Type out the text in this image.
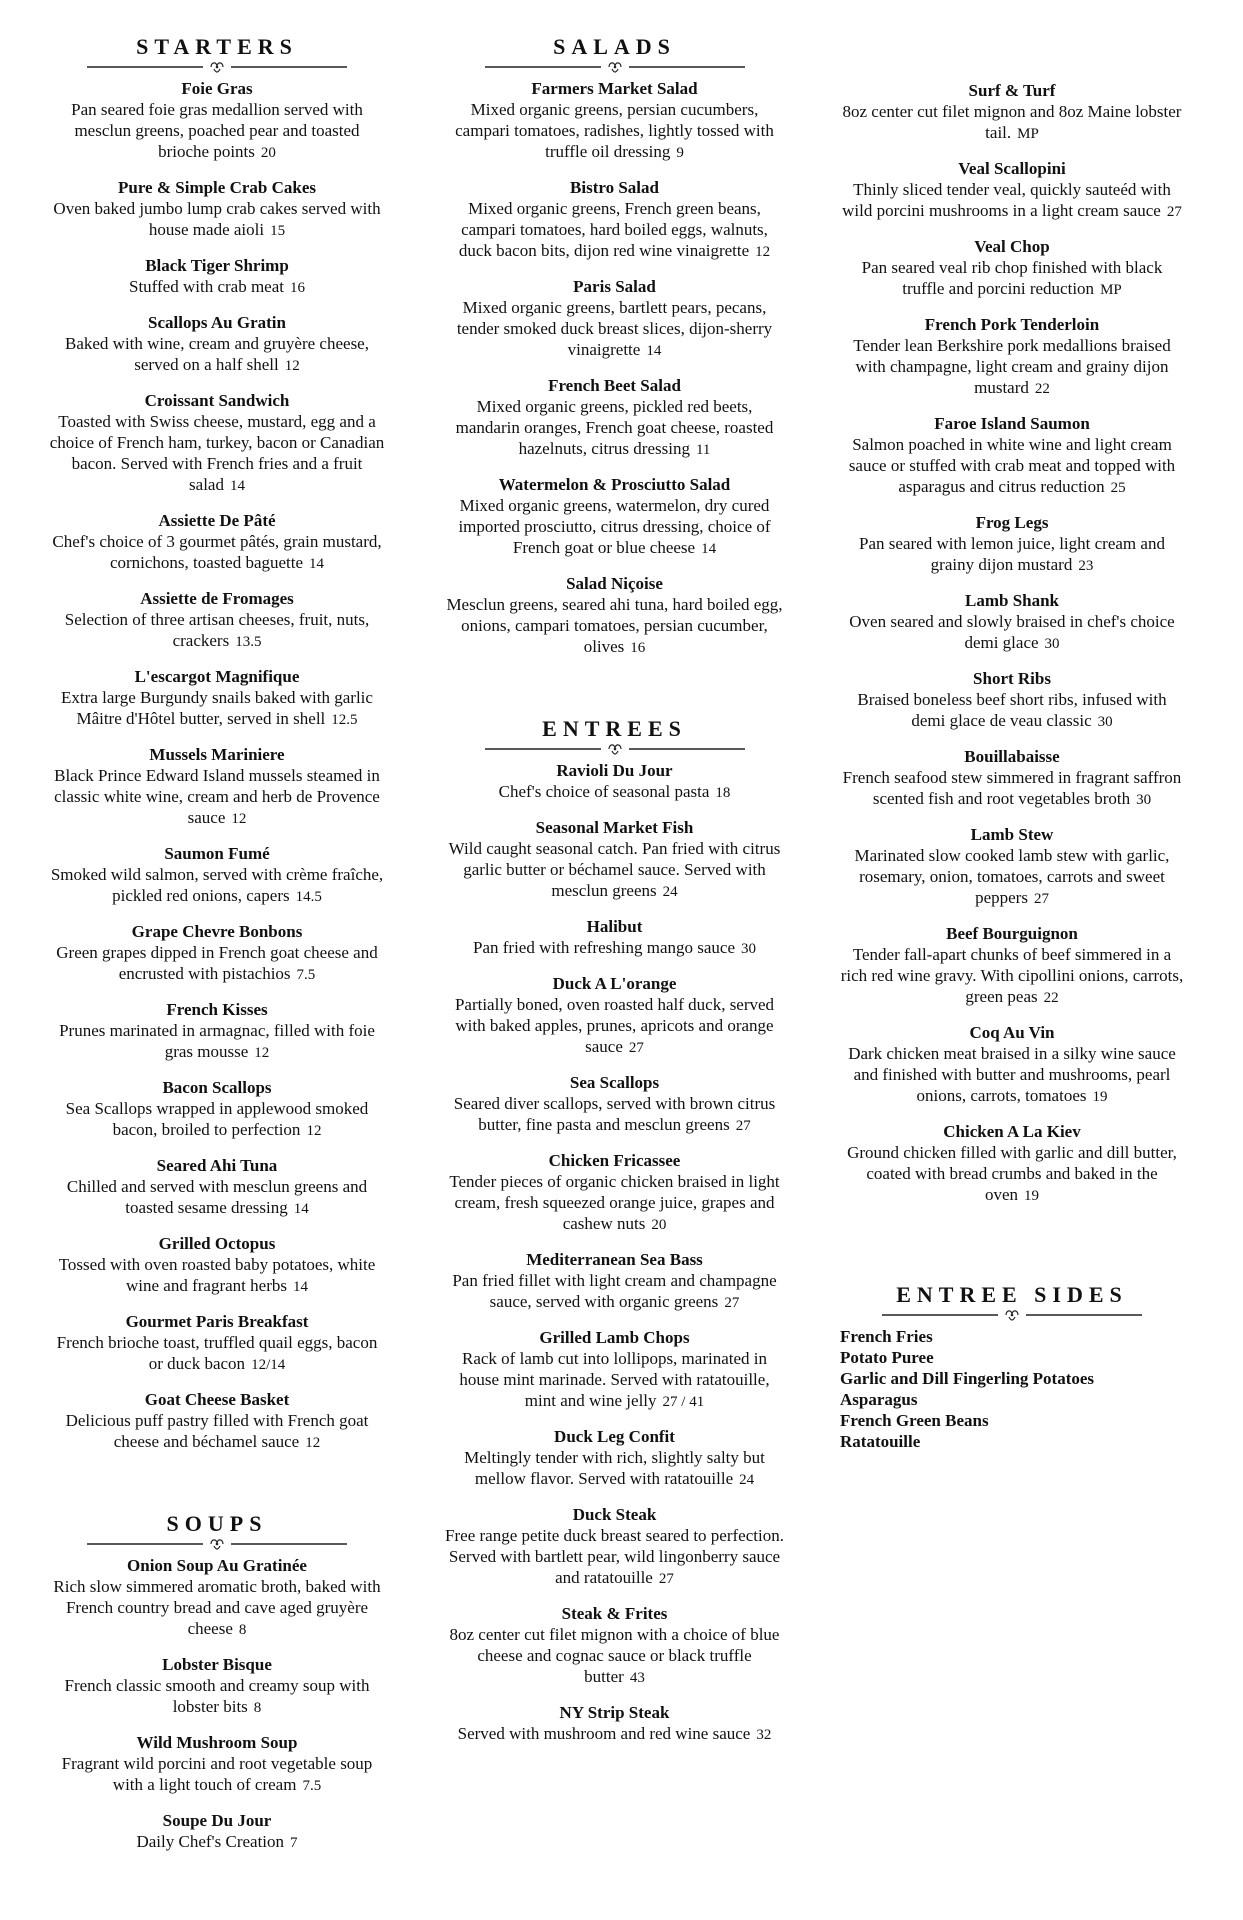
STARTERS
Foie Gras
Pan seared foie gras medallion served with mesclun greens, poached pear and toasted brioche points 20
Pure & Simple Crab Cakes
Oven baked jumbo lump crab cakes served with house made aioli 15
Black Tiger Shrimp
Stuffed with crab meat 16
Scallops Au Gratin
Baked with wine, cream and gruyère cheese, served on a half shell 12
Croissant Sandwich
Toasted with Swiss cheese, mustard, egg and a choice of French ham, turkey, bacon or Canadian bacon. Served with French fries and a fruit salad 14
Assiette De Pâté
Chef's choice of 3 gourmet pâtés, grain mustard, cornichons, toasted baguette 14
Assiette de Fromages
Selection of three artisan cheeses, fruit, nuts, crackers 13.5
L'escargot Magnifique
Extra large Burgundy snails baked with garlic Mâitre d'Hôtel butter, served in shell 12.5
Mussels Mariniere
Black Prince Edward Island mussels steamed in classic white wine, cream and herb de Provence sauce 12
Saumon Fumé
Smoked wild salmon, served with crème fraîche, pickled red onions, capers 14.5
Grape Chevre Bonbons
Green grapes dipped in French goat cheese and encrusted with pistachios 7.5
French Kisses
Prunes marinated in armagnac, filled with foie gras mousse 12
Bacon Scallops
Sea Scallops wrapped in applewood smoked bacon, broiled to perfection 12
Seared Ahi Tuna
Chilled and served with mesclun greens and toasted sesame dressing 14
Grilled Octopus
Tossed with oven roasted baby potatoes, white wine and fragrant herbs 14
Gourmet Paris Breakfast
French brioche toast, truffled quail eggs, bacon or duck bacon 12/14
Goat Cheese Basket
Delicious puff pastry filled with French goat cheese and béchamel sauce 12
SOUPS
Onion Soup Au Gratinée
Rich slow simmered aromatic broth, baked with French country bread and cave aged gruyère cheese 8
Lobster Bisque
French classic smooth and creamy soup with lobster bits 8
Wild Mushroom Soup
Fragrant wild porcini and root vegetable soup with a light touch of cream 7.5
Soupe Du Jour
Daily Chef's Creation 7
SALADS
Farmers Market Salad
Mixed organic greens, persian cucumbers, campari tomatoes, radishes, lightly tossed with truffle oil dressing 9
Bistro Salad
Mixed organic greens, French green beans, campari tomatoes, hard boiled eggs, walnuts, duck bacon bits, dijon red wine vinaigrette 12
Paris Salad
Mixed organic greens, bartlett pears, pecans, tender smoked duck breast slices, dijon-sherry vinaigrette 14
French Beet Salad
Mixed organic greens, pickled red beets, mandarin oranges, French goat cheese, roasted hazelnuts, citrus dressing 11
Watermelon & Prosciutto Salad
Mixed organic greens, watermelon, dry cured imported prosciutto, citrus dressing, choice of French goat or blue cheese 14
Salad Niçoise
Mesclun greens, seared ahi tuna, hard boiled egg, onions, campari tomatoes, persian cucumber, olives 16
ENTREES
Ravioli Du Jour
Chef's choice of seasonal pasta 18
Seasonal Market Fish
Wild caught seasonal catch. Pan fried with citrus garlic butter or béchamel sauce. Served with mesclun greens 24
Halibut
Pan fried with refreshing mango sauce 30
Duck A L'orange
Partially boned, oven roasted half duck, served with baked apples, prunes, apricots and orange sauce 27
Sea Scallops
Seared diver scallops, served with brown citrus butter, fine pasta and mesclun greens 27
Chicken Fricassee
Tender pieces of organic chicken braised in light cream, fresh squeezed orange juice, grapes and cashew nuts 20
Mediterranean Sea Bass
Pan fried fillet with light cream and champagne sauce, served with organic greens 27
Grilled Lamb Chops
Rack of lamb cut into lollipops, marinated in house mint marinade. Served with ratatouille, mint and wine jelly 27 / 41
Duck Leg Confit
Meltingly tender with rich, slightly salty but mellow flavor. Served with ratatouille 24
Duck Steak
Free range petite duck breast seared to perfection. Served with bartlett pear, wild lingonberry sauce and ratatouille 27
Steak & Frites
8oz center cut filet mignon with a choice of blue cheese and cognac sauce or black truffle butter 43
NY Strip Steak
Served with mushroom and red wine sauce 32
Surf & Turf
8oz center cut filet mignon and 8oz Maine lobster tail. MP
Veal Scallopini
Thinly sliced tender veal, quickly sauteéd with wild porcini mushrooms in a light cream sauce 27
Veal Chop
Pan seared veal rib chop finished with black truffle and porcini reduction MP
French Pork Tenderloin
Tender lean Berkshire pork medallions braised with champagne, light cream and grainy dijon mustard 22
Faroe Island Saumon
Salmon poached in white wine and light cream sauce or stuffed with crab meat and topped with asparagus and citrus reduction 25
Frog Legs
Pan seared with lemon juice, light cream and grainy dijon mustard 23
Lamb Shank
Oven seared and slowly braised in chef's choice demi glace 30
Short Ribs
Braised boneless beef short ribs, infused with demi glace de veau classic 30
Bouillabaisse
French seafood stew simmered in fragrant saffron scented fish and root vegetables broth 30
Lamb Stew
Marinated slow cooked lamb stew with garlic, rosemary, onion, tomatoes, carrots and sweet peppers 27
Beef Bourguignon
Tender fall-apart chunks of beef simmered in a rich red wine gravy. With cipollini onions, carrots, green peas 22
Coq Au Vin
Dark chicken meat braised in a silky wine sauce and finished with butter and mushrooms, pearl onions, carrots, tomatoes 19
Chicken A La Kiev
Ground chicken filled with garlic and dill butter, coated with bread crumbs and baked in the oven 19
ENTREE SIDES
French Fries
Potato Puree
Garlic and Dill Fingerling Potatoes
Asparagus
French Green Beans
Ratatouille
